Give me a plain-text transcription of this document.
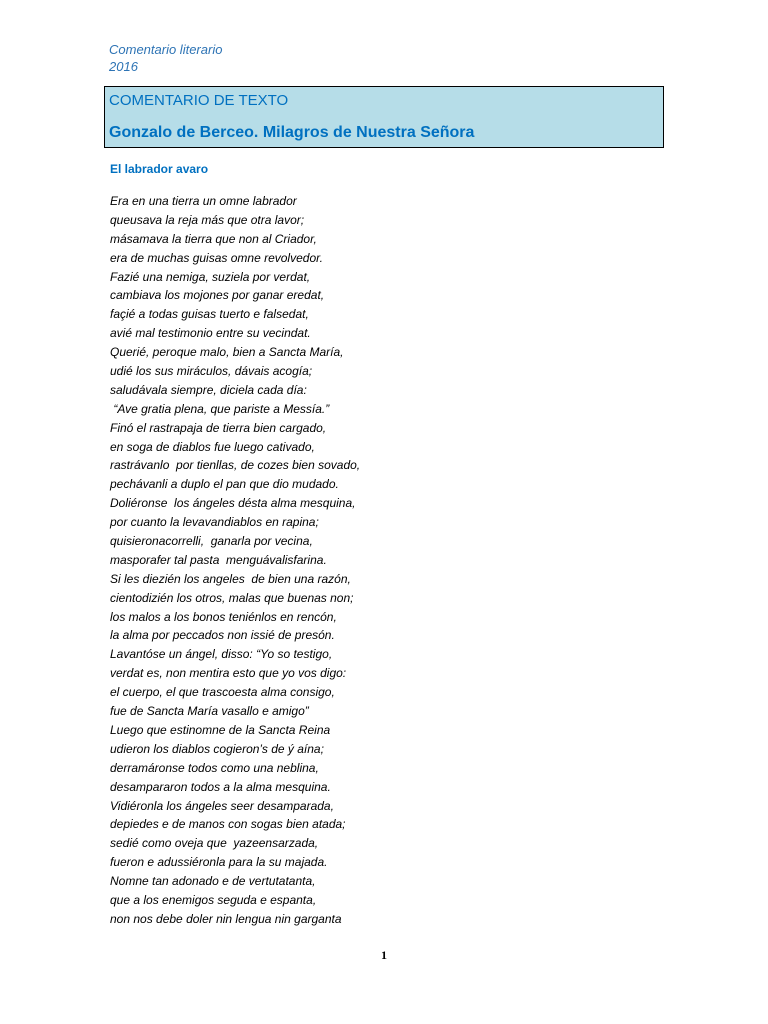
Comentario literario
2016
COMENTARIO DE TEXTO
Gonzalo de Berceo. Milagros de Nuestra Señora
El labrador avaro
Era en una tierra un omne labrador
queusava la reja más que otra lavor;
másamava la tierra que non al Criador,
era de muchas guisas omne revolvedor.
Fazié una nemiga, suziela por verdat,
cambiava los mojones por ganar eredat,
façié a todas guisas tuerto e falsedat,
avié mal testimonio entre su vecindat.
Querié, peroque malo, bien a Sancta María,
udié los sus miráculos, dávais acogía;
saludávala siempre, diciela cada día:
“Ave gratia plena, que pariste a Messía.”
Finó el rastrapaja de tierra bien cargado,
en soga de diablos fue luego cativado,
rastrávanlo  por tienllas, de cozes bien sovado,
pechávanli a duplo el pan que dio mudado.
Doliéronse  los ángeles désta alma mesquina,
por cuanto la levavandiablos en rapina;
quisieronacorrelli,  ganarla por vecina,
masporafer tal pasta  menguávalisfarina.
Si les diezién los angeles  de bien una razón,
cientodizién los otros, malas que buenas non;
los malos a los bonos teniénlos en rencón,
la alma por peccados non issié de presón.
Lavantóse un ángel, disso: “Yo so testigo,
verdat es, non mentira esto que yo vos digo:
el cuerpo, el que trascoesta alma consigo,
fue de Sancta María vasallo e amigo”
Luego que estinomne de la Sancta Reina
udieron los diablos cogieron’s de ý aína;
derramáronse todos como una neblina,
desampararon todos a la alma mesquina.
Vidiéronla los ángeles seer desamparada,
depiedes e de manos con sogas bien atada;
sedié como oveja que  yazeensarzada,
fueron e adussiéronla para la su majada.
Nomne tan adonado e de vertutatanta,
que a los enemigos seguda e espanta,
non nos debe doler nin lengua nin garganta
1
